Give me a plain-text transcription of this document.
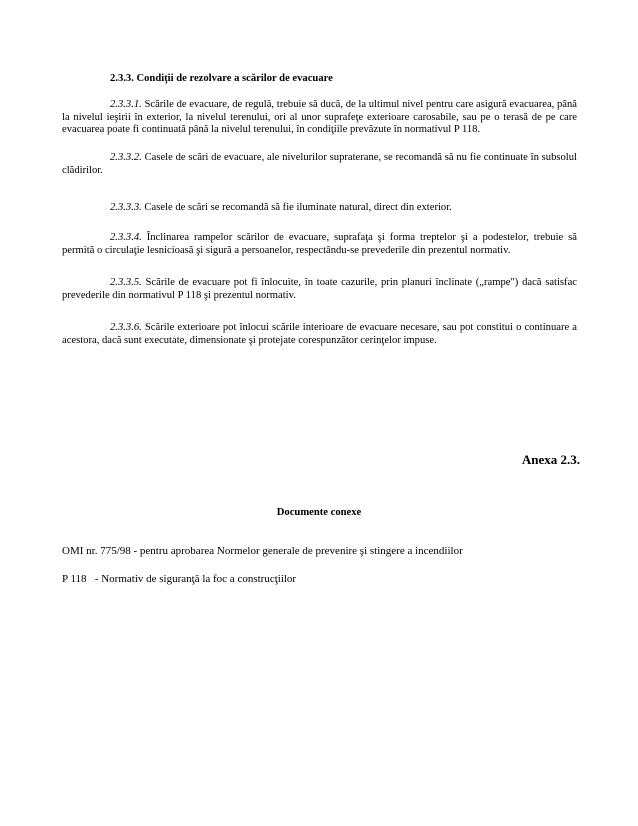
2.3.3. Condiţii de rezolvare a scărilor de evacuare

2.3.3.1. Scările de evacuare, de regulă, trebuie să ducă, de la ultimul nivel pentru care asigură evacuarea, până la nivelul ieşirii în exterior, la nivelul terenului, ori al unor suprafeţe exterioare carosabile, sau pe o terasă de pe care evacuarea poate fi continuată până la nivelul terenului, în condiţiile prevăzute în normativul P 118.

2.3.3.2. Casele de scări de evacuare, ale nivelurilor supraterane, se recomandă să nu fie continuate în subsolul clădirilor.

2.3.3.3. Casele de scări se recomandă să fie iluminate natural, direct din exterior.

2.3.3.4. Înclinarea rampelor scărilor de evacuare, suprafaţa şi forma treptelor şi a podestelor, trebuie să permită o circulaţie lesnicioasă şi sigură a persoanelor, respectându-se prevederile din prezentul normativ.

2.3.3.5. Scările de evacuare pot fi înlocuite, în toate cazurile, prin planuri înclinate („rampe") dacă satisfac prevederile din normativul P 118 şi prezentul normativ.

2.3.3.6. Scările exterioare pot înlocui scările interioare de evacuare necesare, sau pot constitui o continuare a acestora, dacă sunt executate, dimensionate şi protejate corespunzător cerinţelor impuse.

Anexa 2.3.
Documente conexe
OMI nr. 775/98 - pentru aprobarea Normelor generale de prevenire şi stingere a incendiilor
P 118   - Normativ de siguranţă la foc a construcţiilor
